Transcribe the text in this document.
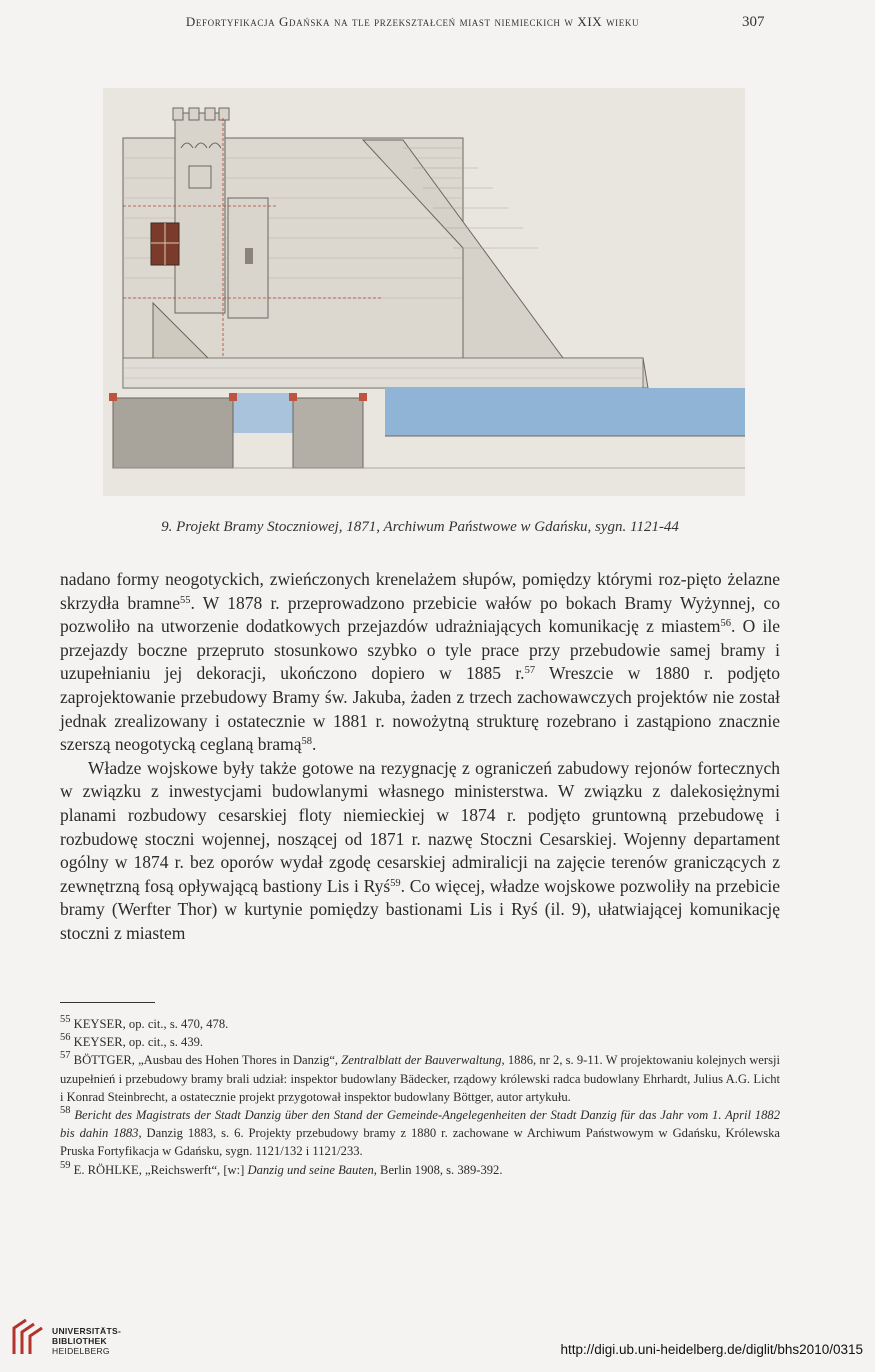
Defortyfikacja Gdańska na tle przekształceń miast niemieckich w XIX wieku	307
9. Projekt Bramy Stoczniowej, 1871, Archiwum Państwowe w Gdańsku, sygn. 1121-44

nadano formy neogotyckich, zwieńczonych krenelażem słupów, pomiędzy którymi roz-pięto żelazne skrzydła bramne$^{55}$. W 1878 r. przeprowadzono przebicie wałów po bokach Bramy Wyżynnej, co pozwoliło na utworzenie dodatkowych przejazdów udrażniających komunikację z miastem$^{56}$. O ile przejazdy boczne przepruto stosunkowo szybko o tyle prace przy przebudowie samej bramy i uzupełnianiu jej dekoracji, ukończono dopiero w 1885 r.$^{57}$ Wreszcie w 1880 r. podjęto zaprojektowanie przebudowy Bramy św. Jakuba, żaden z trzech zachowawczych projektów nie został jednak zrealizowany i ostatecznie w 1881 r. nowożytną strukturę rozebrano i zastąpiono znacznie szerszą neogotycką ceglaną bramą$^{58}$.

Władze wojskowe były także gotowe na rezygnację z ograniczeń zabudowy rejonów fortecznych w związku z inwestycjami budowlanymi własnego ministerstwa. W związku z dalekosiężnymi planami rozbudowy cesarskiej floty niemieckiej w 1874 r. podjęto gruntowną przebudowę i rozbudowę stoczni wojennej, noszącej od 1871 r. nazwę Stoczni Cesarskiej. Wojenny departament ogólny w 1874 r. bez oporów wydał zgodę cesarskiej admiralicji na zajęcie terenów graniczących z zewnętrzną fosą opływającą bastiony Lis i Ryś$^{59}$. Co więcej, władze wojskowe pozwoliły na przebicie bramy (Werfter Thor) w kurtynie pomiędzy bastionami Lis i Ryś (il. 9), ułatwiającej komunikację stoczni z miastem

$^{55}$ KEYSER, op. cit., s. 470, 478.

$^{56}$ KEYSER, op. cit., s. 439.

$^{57}$ BÖTTGER, „Ausbau des Hohen Thores in Danzig“, Zentralblatt der Bauverwaltung, 1886, nr 2, s. 9-11. W projektowaniu kolejnych wersji uzupełnień i przebudowy bramy brali udział: inspektor budowlany Bädecker, rządowy królewski radca budowlany Ehrhardt, Julius A.G. Licht i Konrad Steinbrecht, a ostatecznie projekt przygotował inspektor budowlany Böttger, autor artykułu.

$^{58}$ Bericht des Magistrats der Stadt Danzig über den Stand der Gemeinde-Angelegenheiten der Stadt Danzig für das Jahr vom 1. April 1882 bis dahin 1883, Danzig 1883, s. 6. Projekty przebudowy bramy z 1880 r. zachowane w Archiwum Państwowym w Gdańsku, Królewska Pruska Fortyfikacja w Gdańsku, sygn. 1121/132 i 1121/233.

$^{59}$ E. RÖHLKE, „Reichswerft“, [w:] Danzig und seine Bauten, Berlin 1908, s. 389-392.

UNIVERSITÄTS-
BIBLIOTHEK
HEIDELBERG	http://digi.ub.uni-heidelberg.de/diglit/bhs2010/0315
